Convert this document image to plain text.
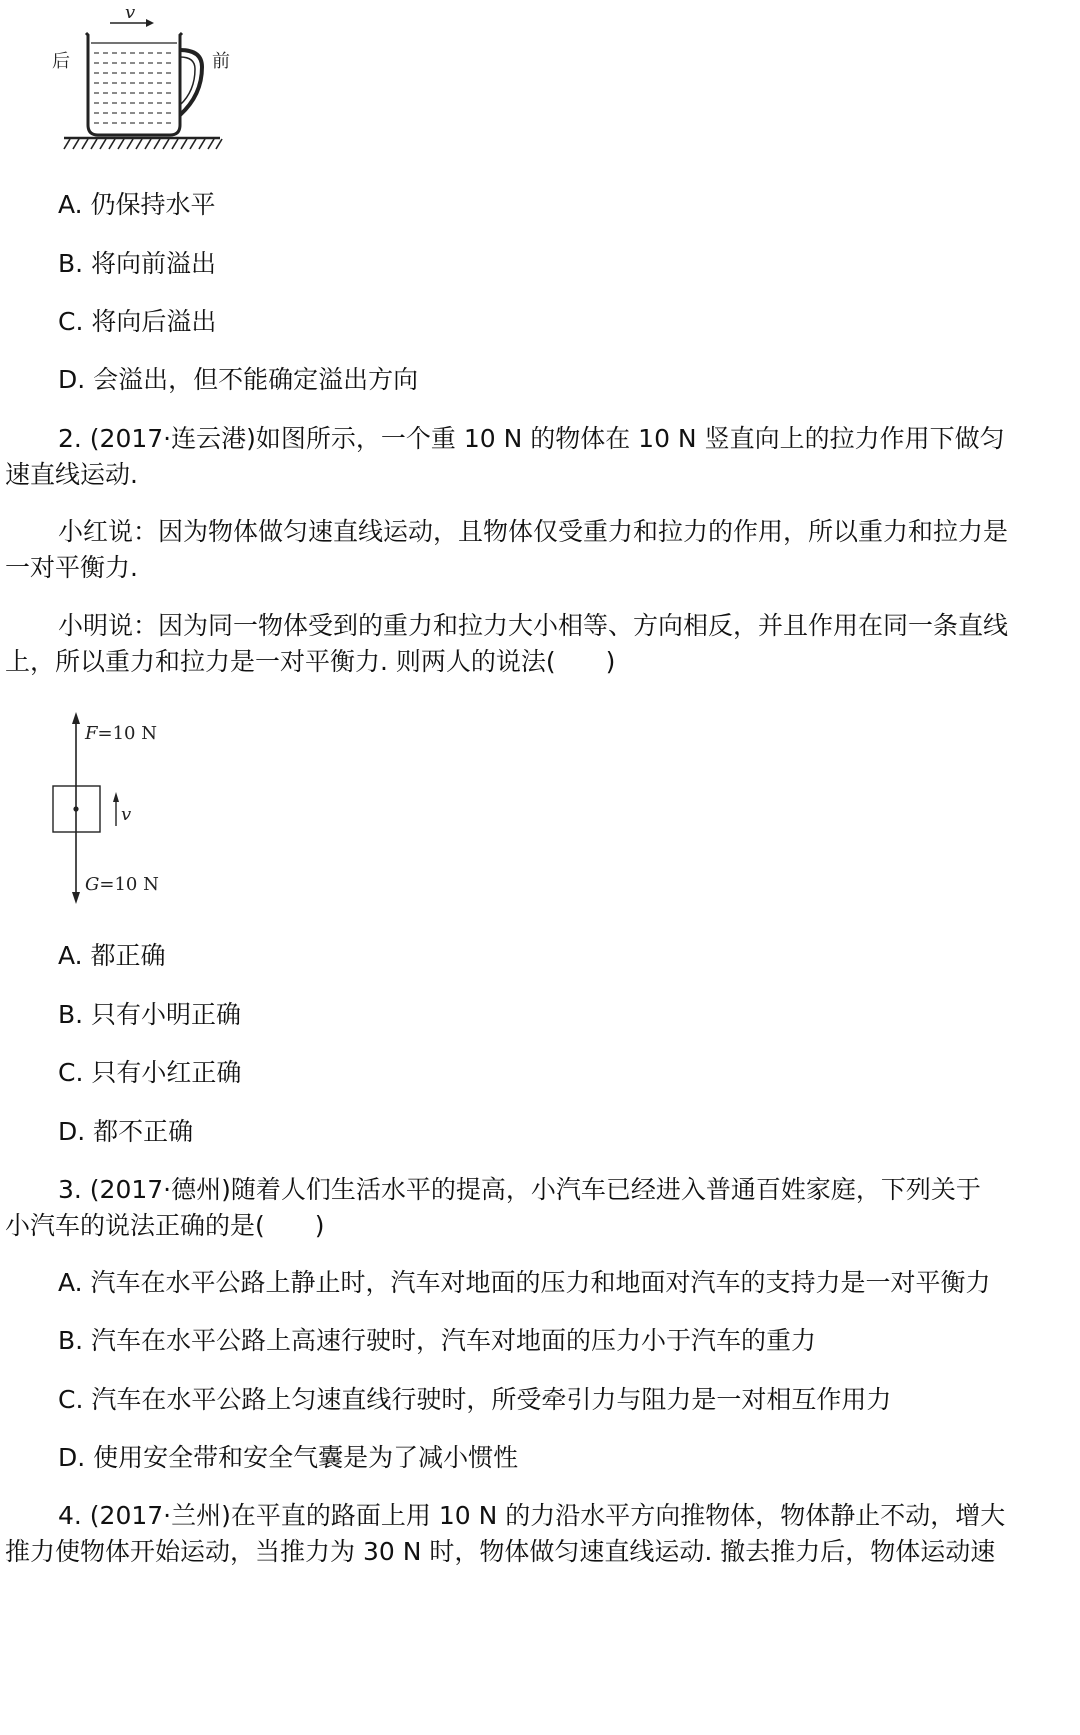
v
后	前
A. 仍保持水平
B. 将向前溢出
C. 将向后溢出
D. 会溢出，但不能确定溢出方向
2. (2017·连云港)如图所示，一个重 10 N 的物体在 10 N 竖直向上的拉力作用下做匀
速直线运动.
小红说：因为物体做匀速直线运动，且物体仅受重力和拉力的作用，所以重力和拉力是
一对平衡力.
小明说：因为同一物体受到的重力和拉力大小相等、方向相反，并且作用在同一条直线
上，所以重力和拉力是一对平衡力. 则两人的说法(　　)
v
F=10 N
G=10 N
A. 都正确
B. 只有小明正确
C. 只有小红正确
D. 都不正确
3. (2017·德州)随着人们生活水平的提高，小汽车已经进入普通百姓家庭，下列关于
小汽车的说法正确的是(　　)
A. 汽车在水平公路上静止时，汽车对地面的压力和地面对汽车的支持力是一对平衡力
B. 汽车在水平公路上高速行驶时，汽车对地面的压力小于汽车的重力
C. 汽车在水平公路上匀速直线行驶时，所受牵引力与阻力是一对相互作用力
D. 使用安全带和安全气囊是为了减小惯性
4. (2017·兰州)在平直的路面上用 10 N 的力沿水平方向推物体，物体静止不动，增大
推力使物体开始运动，当推力为 30 N 时，物体做匀速直线运动. 撤去推力后，物体运动速
